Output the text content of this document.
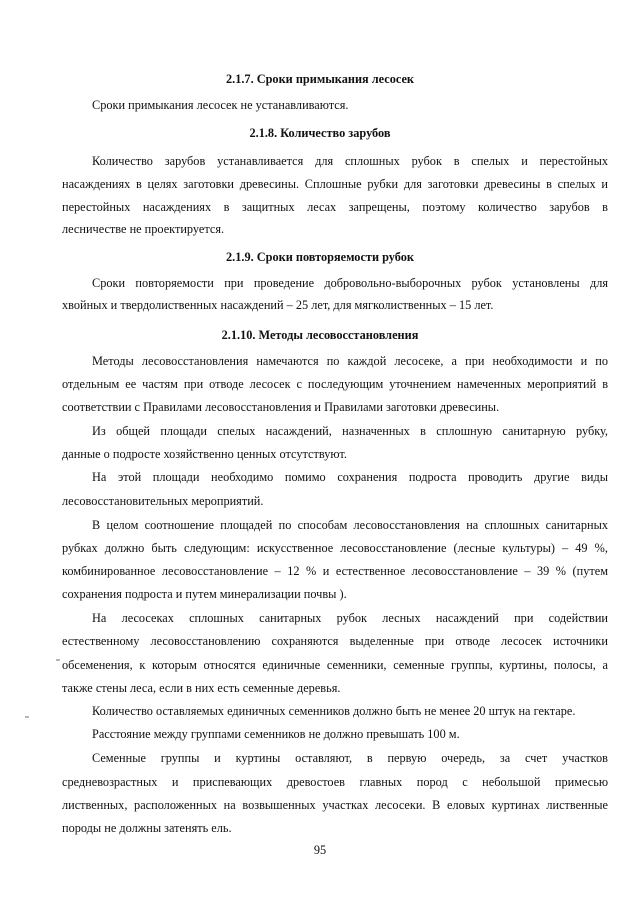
2.1.7. Сроки примыкания лесосек
Сроки примыкания лесосек не устанавливаются.
2.1.8. Количество зарубов
Количество зарубов устанавливается для сплошных рубок в спелых и перестойных
насаждениях в целях заготовки древесины. Сплошные рубки для заготовки древесины в спелых и
перестойных насаждениях в защитных лесах запрещены, поэтому количество зарубов в
лесничестве не проектируется.
2.1.9. Сроки повторяемости рубок
Сроки повторяемости при проведение добровольно-выборочных рубок установлены для
хвойных и твердолиственных насаждений – 25 лет, для мягколиственных – 15 лет.
2.1.10. Методы лесовосстановления
Методы лесовосстановления намечаются по каждой лесосеке, а при необходимости и по
отдельным ее частям при отводе лесосек с последующим уточнением намеченных мероприятий в
соответствии с Правилами лесовосстановления и Правилами заготовки древесины.
Из общей площади спелых насаждений, назначенных в сплошную санитарную рубку,
данные о подросте хозяйственно ценных отсутствуют.
На этой площади необходимо помимо сохранения подроста проводить другие виды
лесовосстановительных мероприятий.
В целом соотношение площадей по способам лесовосстановления на сплошных санитарных
рубках должно быть следующим: искусственное лесовосстановление (лесные культуры) – 49 %,
комбинированное лесовосстановление – 12 % и естественное лесовосстановление – 39 % (путем
сохранения подроста и путем минерализации почвы ).
На лесосеках сплошных санитарных рубок лесных насаждений при содействии
естественному лесовосстановлению сохраняются выделенные при отводе лесосек источники
обсеменения, к которым относятся единичные семенники, семенные группы, куртины, полосы, а
также стены леса, если в них есть семенные деревья.
Количество оставляемых единичных семенников должно быть не менее 20 штук на гектаре.
Расстояние между группами семенников не должно превышать 100 м.
Семенные группы и куртины оставляют, в первую очередь, за счет участков
средневозрастных и приспевающих древостоев главных пород с небольшой примесью
лиственных, расположенных на возвышенных участках лесосеки. В еловых куртинах лиственные
породы не должны затенять ель.
95
